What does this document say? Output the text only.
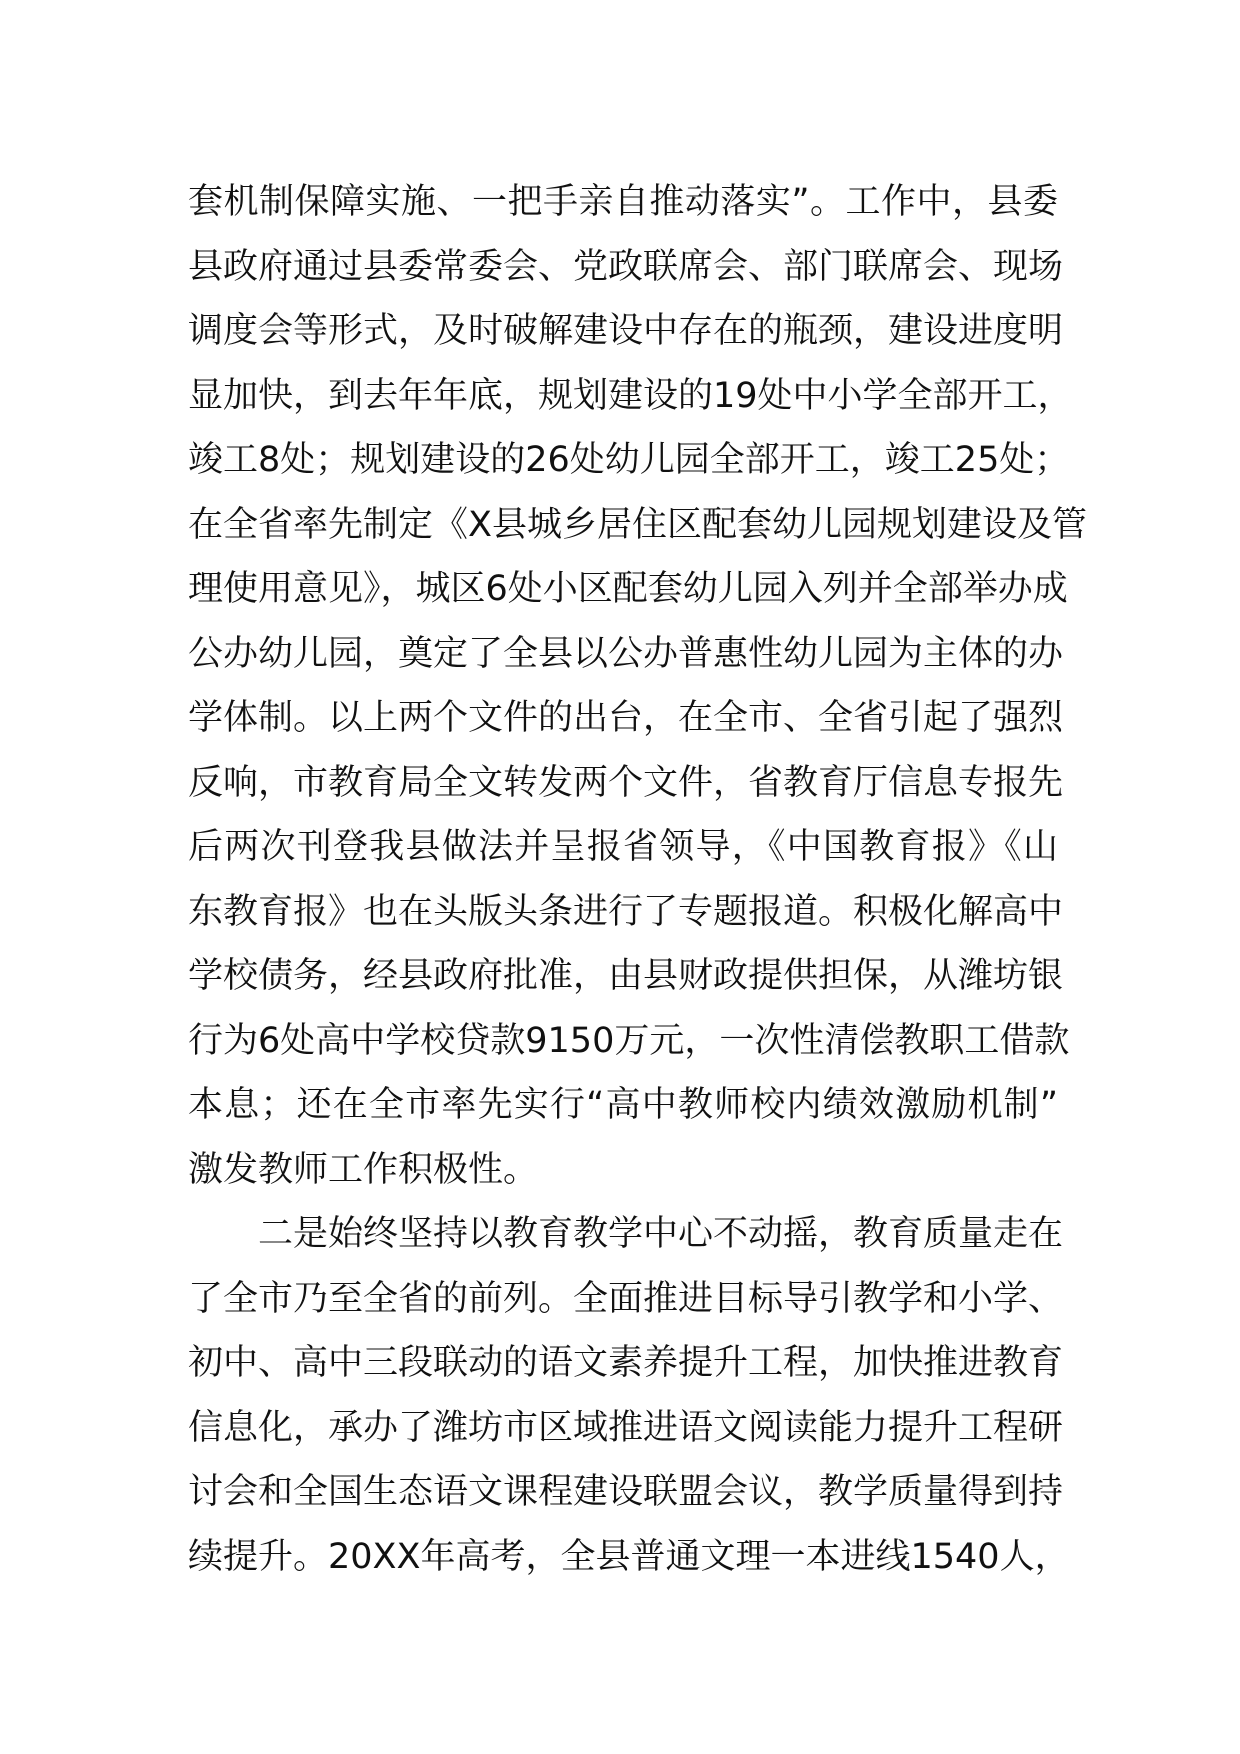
套机制保障实施、一把手亲自推动落实”。工作中，县委
县政府通过县委常委会、党政联席会、部门联席会、现场
调度会等形式，及时破解建设中存在的瓶颈，建设进度明
显加快，到去年年底，规划建设的19处中小学全部开工，
竣工8处；规划建设的26处幼儿园全部开工，竣工25处；
在全省率先制定《X县城乡居住区配套幼儿园规划建设及管
理使用意见》，城区6处小区配套幼儿园入列并全部举办成
公办幼儿园，奠定了全县以公办普惠性幼儿园为主体的办
学体制。以上两个文件的出台，在全市、全省引起了强烈
反响，市教育局全文转发两个文件，省教育厅信息专报先
后两次刊登我县做法并呈报省领导，《中国教育报》《山
东教育报》也在头版头条进行了专题报道。积极化解高中
学校债务，经县政府批准，由县财政提供担保，从潍坊银
行为6处高中学校贷款9150万元，一次性清偿教职工借款
本息；还在全市率先实行“高中教师校内绩效激励机制”
激发教师工作积极性。
二是始终坚持以教育教学中心不动摇，教育质量走在
了全市乃至全省的前列。全面推进目标导引教学和小学、
初中、高中三段联动的语文素养提升工程，加快推进教育
信息化，承办了潍坊市区域推进语文阅读能力提升工程研
讨会和全国生态语文课程建设联盟会议，教学质量得到持
续提升。20XX年高考，全县普通文理一本进线1540人，
